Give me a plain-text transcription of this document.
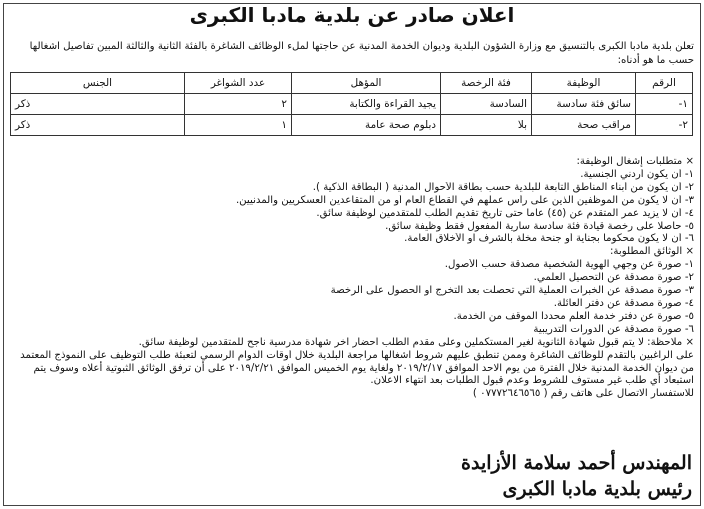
اعلان صادر عن بلدية مادبا الكبرى
تعلن بلدية مادبا الكبرى بالتنسيق مع وزارة الشؤون البلدية وديوان الخدمة المدنية عن حاجتها لملء الوظائف الشاغرة بالفئة الثانية والثالثة المبين تفاصيل اشغالها حسب ما هو أدناه:
الرقم	الوظيفة	فئة الرخصة	المؤهل	عدد الشواغر	الجنس
١-	سائق فئة سادسة	السادسة	يجيد القراءة والكتابة	٢	ذكر
٢-	مراقب صحة	بلا	دبلوم صحة عامة	١	ذكر
× متطلبات إشغال الوظيفة:
١- أن يكون أردني الجنسية.
٢- أن يكون من أبناء المناطق التابعة للبلدية حسب بطاقة الأحوال المدنية ( البطاقة الذكية ).
٣- أن لا يكون من الموظفين الذين على رأس عملهم في القطاع العام أو من المتقاعدين العسكريين والمدنيين.
٤- أن لا يزيد عمر المتقدم عن (٤٥) عاما حتى تاريخ تقديم الطلب للمتقدمين لوظيفة سائق.
٥- حاصلا على رخصة قيادة فئة سادسة سارية المفعول فقط وظيفة سائق.
٦- أن لا يكون محكوما بجناية أو جنحة مخلة بالشرف او الأخلاق العامة.
× الوثائق المطلوبة:
١- صورة عن وجهي الهوية الشخصية مصدقة حسب الأصول.
٢- صورة مصدقة عن التحصيل العلمي.
٣- صورة مصدقة عن الخبرات العملية التي تحصلت بعد التخرج او الحصول على الرخصة
٤- صورة مصدقة عن دفتر العائلة.
٥- صورة عن دفتر خدمة العلم محددا الموقف من الخدمة.
٦- صورة مصدقة عن الدورات التدريبية
× ملاحظة: لا يتم قبول شهادة الثانوية لغير المستكملين وعلى مقدم الطلب احضار اخر شهادة مدرسية ناجح للمتقدمين لوظيفة سائق.
على الراغبين بالتقدم للوظائف الشاغرة وممن تنطبق عليهم شروط اشغالها مراجعة البلدية خلال أوقات الدوام الرسمي لتعبئة طلب التوظيف على النموذج المعتمد من ديوان الخدمة المدنية خلال الفترة من يوم الاحد الموافق ٢٠١٩/٢/١٧ ولغاية يوم الخميس الموافق ٢٠١٩/٢/٢١ على أن ترفق الوثائق الثبوتية أعلاه وسوف يتم استبعاد أي طلب غير مستوف للشروط وعدم قبول الطلبات بعد انتهاء الاعلان.
للاستفسار الاتصال على هاتف رقم ( ٠٧٧٧٢٦٤٦٥٦٥ )
المهندس أحمد سلامة الأزايدة
رئيس بلدية مادبا الكبرى
